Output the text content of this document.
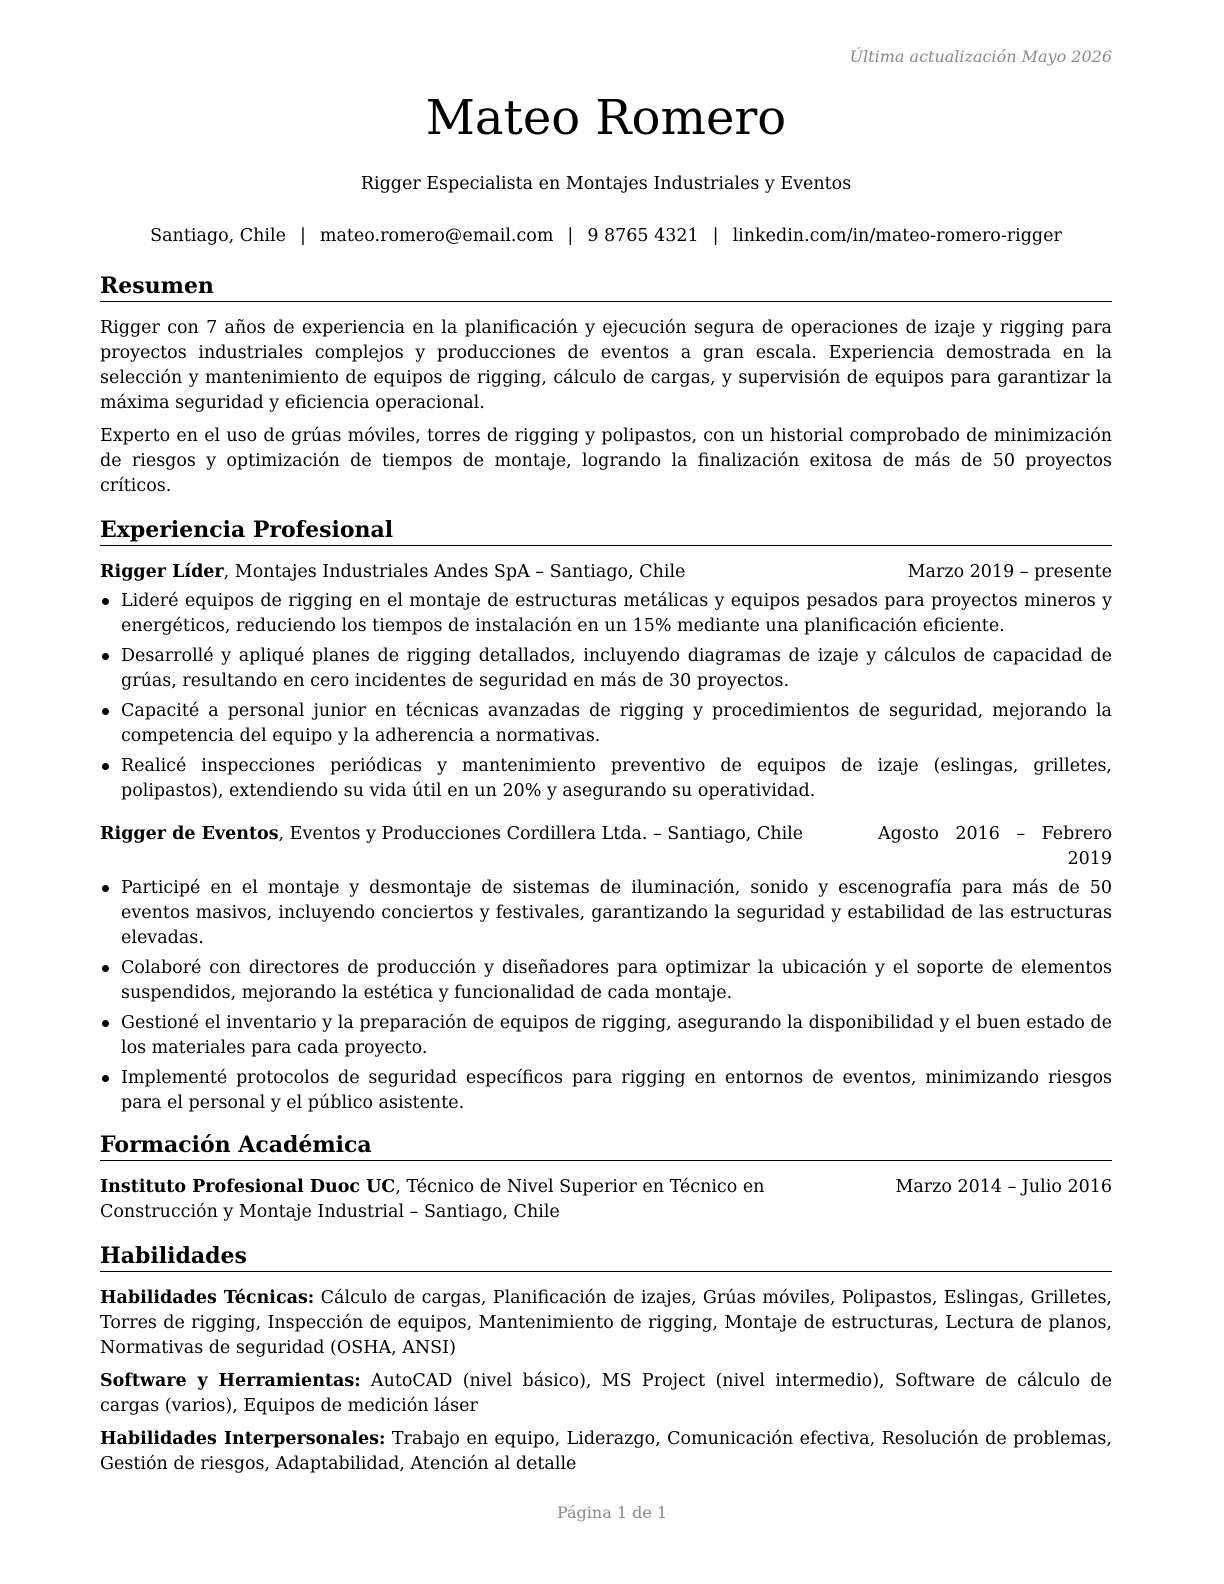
Última actualización Mayo 2026
Mateo Romero
Rigger Especialista en Montajes Industriales y Eventos
Santiago, Chile | mateo.romero@email.com | 9 8765 4321 | linkedin.com/in/mateo-romero-rigger
Resumen

Rigger con 7 años de experiencia en la planificación y ejecución segura de operaciones de izaje y rigging para proyectos industriales complejos y producciones de eventos a gran escala. Experiencia demostrada en la selección y mantenimiento de equipos de rigging, cálculo de cargas, y supervisión de equipos para garantizar la máxima seguridad y eficiencia operacional.

Experto en el uso de grúas móviles, torres de rigging y polipastos, con un historial comprobado de minimización de riesgos y optimización de tiempos de montaje, logrando la finalización exitosa de más de 50 proyectos críticos.

Experiencia Profesional
Rigger Líder, Montajes Industriales Andes SpA – Santiago, Chile	Marzo 2019 – presente
Lideré equipos de rigging en el montaje de estructuras metálicas y equipos pesados para proyectos mineros y energéticos, reduciendo los tiempos de instalación en un 15% mediante una planificación eficiente.
Desarrollé y apliqué planes de rigging detallados, incluyendo diagramas de izaje y cálculos de capacidad de grúas, resultando en cero incidentes de seguridad en más de 30 proyectos.
Capacité a personal junior en técnicas avanzadas de rigging y procedimientos de seguridad, mejorando la competencia del equipo y la adherencia a normativas.
Realicé inspecciones periódicas y mantenimiento preventivo de equipos de izaje (eslingas, grilletes, polipastos), extendiendo su vida útil en un 20% y asegurando su operatividad.
Rigger de Eventos, Eventos y Producciones Cordillera Ltda. – Santiago, Chile	Agosto 2016 – Febrero 2019
Participé en el montaje y desmontaje de sistemas de iluminación, sonido y escenografía para más de 50 eventos masivos, incluyendo conciertos y festivales, garantizando la seguridad y estabilidad de las estructuras elevadas.
Colaboré con directores de producción y diseñadores para optimizar la ubicación y el soporte de elementos suspendidos, mejorando la estética y funcionalidad de cada montaje.
Gestioné el inventario y la preparación de equipos de rigging, asegurando la disponibilidad y el buen estado de los materiales para cada proyecto.
Implementé protocolos de seguridad específicos para rigging en entornos de eventos, minimizando riesgos para el personal y el público asistente.
Formación Académica
Instituto Profesional Duoc UC, Técnico de Nivel Superior en Técnico en Construcción y Montaje Industrial – Santiago, Chile
Marzo 2014 – Julio 2016
Habilidades

Habilidades Técnicas: Cálculo de cargas, Planificación de izajes, Grúas móviles, Polipastos, Eslingas, Grilletes, Torres de rigging, Inspección de equipos, Mantenimiento de rigging, Montaje de estructuras, Lectura de planos, Normativas de seguridad (OSHA, ANSI)

Software y Herramientas: AutoCAD (nivel básico), MS Project (nivel intermedio), Software de cálculo de cargas (varios), Equipos de medición láser

Habilidades Interpersonales: Trabajo en equipo, Liderazgo, Comunicación efectiva, Resolución de problemas, Gestión de riesgos, Adaptabilidad, Atención al detalle

Página 1 de 1
